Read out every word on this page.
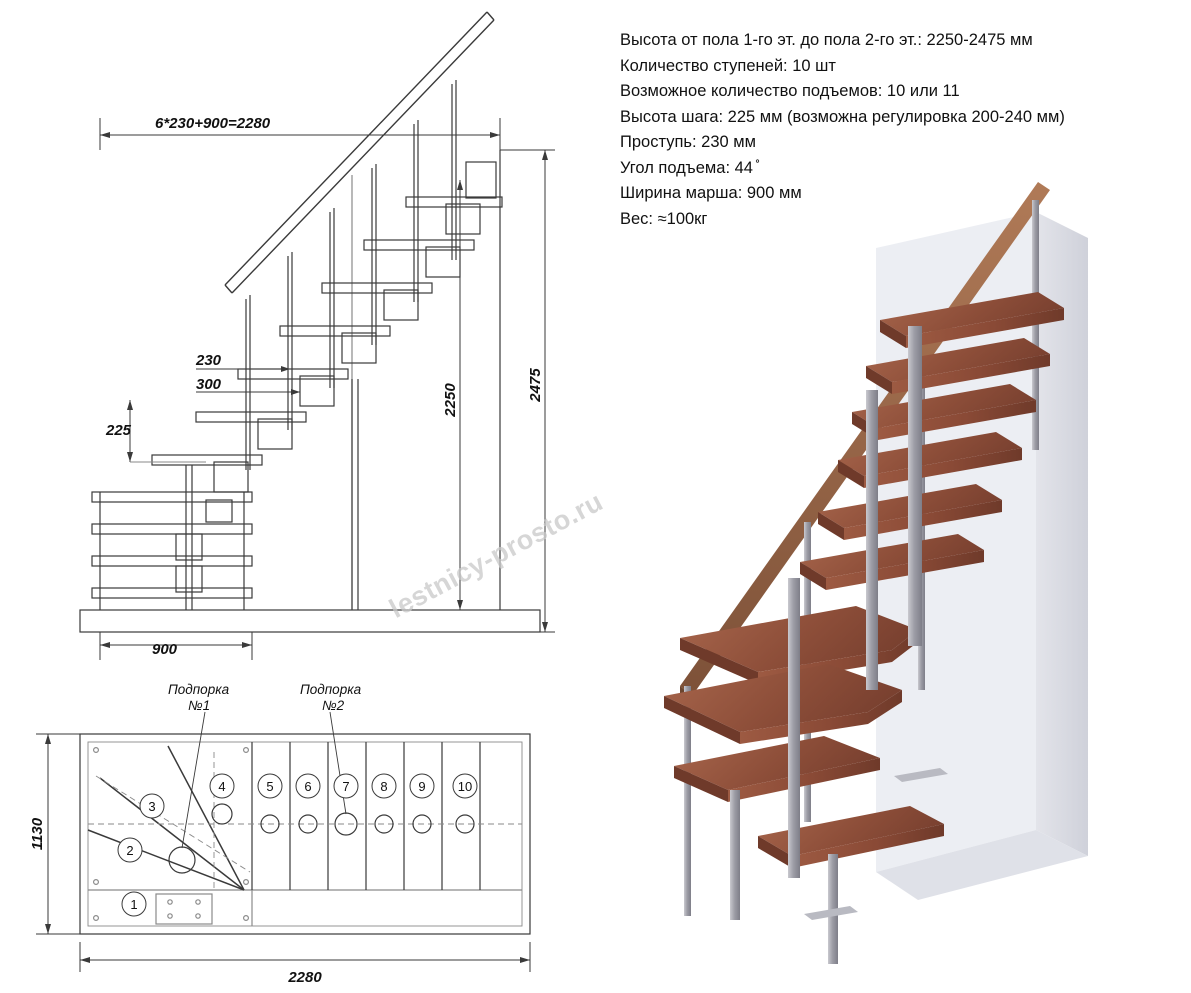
Высота от пола 1-го эт. до пола 2-го эт.: 2250-2475 мм
Количество ступеней: 10 шт
Возможное количество подъемов: 10 или 11
Высота шага: 225 мм (возможна регулировка 200-240 мм)
Проступь: 230 мм
Угол подъема: 44 ̊
Ширина марша: 900 мм
Вес: ≈100кг
6*230+900=2280
230
300
225
2250	2475
900
1
2
3
4	5 6 7 8 9 10
Подпорка
№1
Подпорка
№2
1130
2280
lestnicy-prosto.ru
